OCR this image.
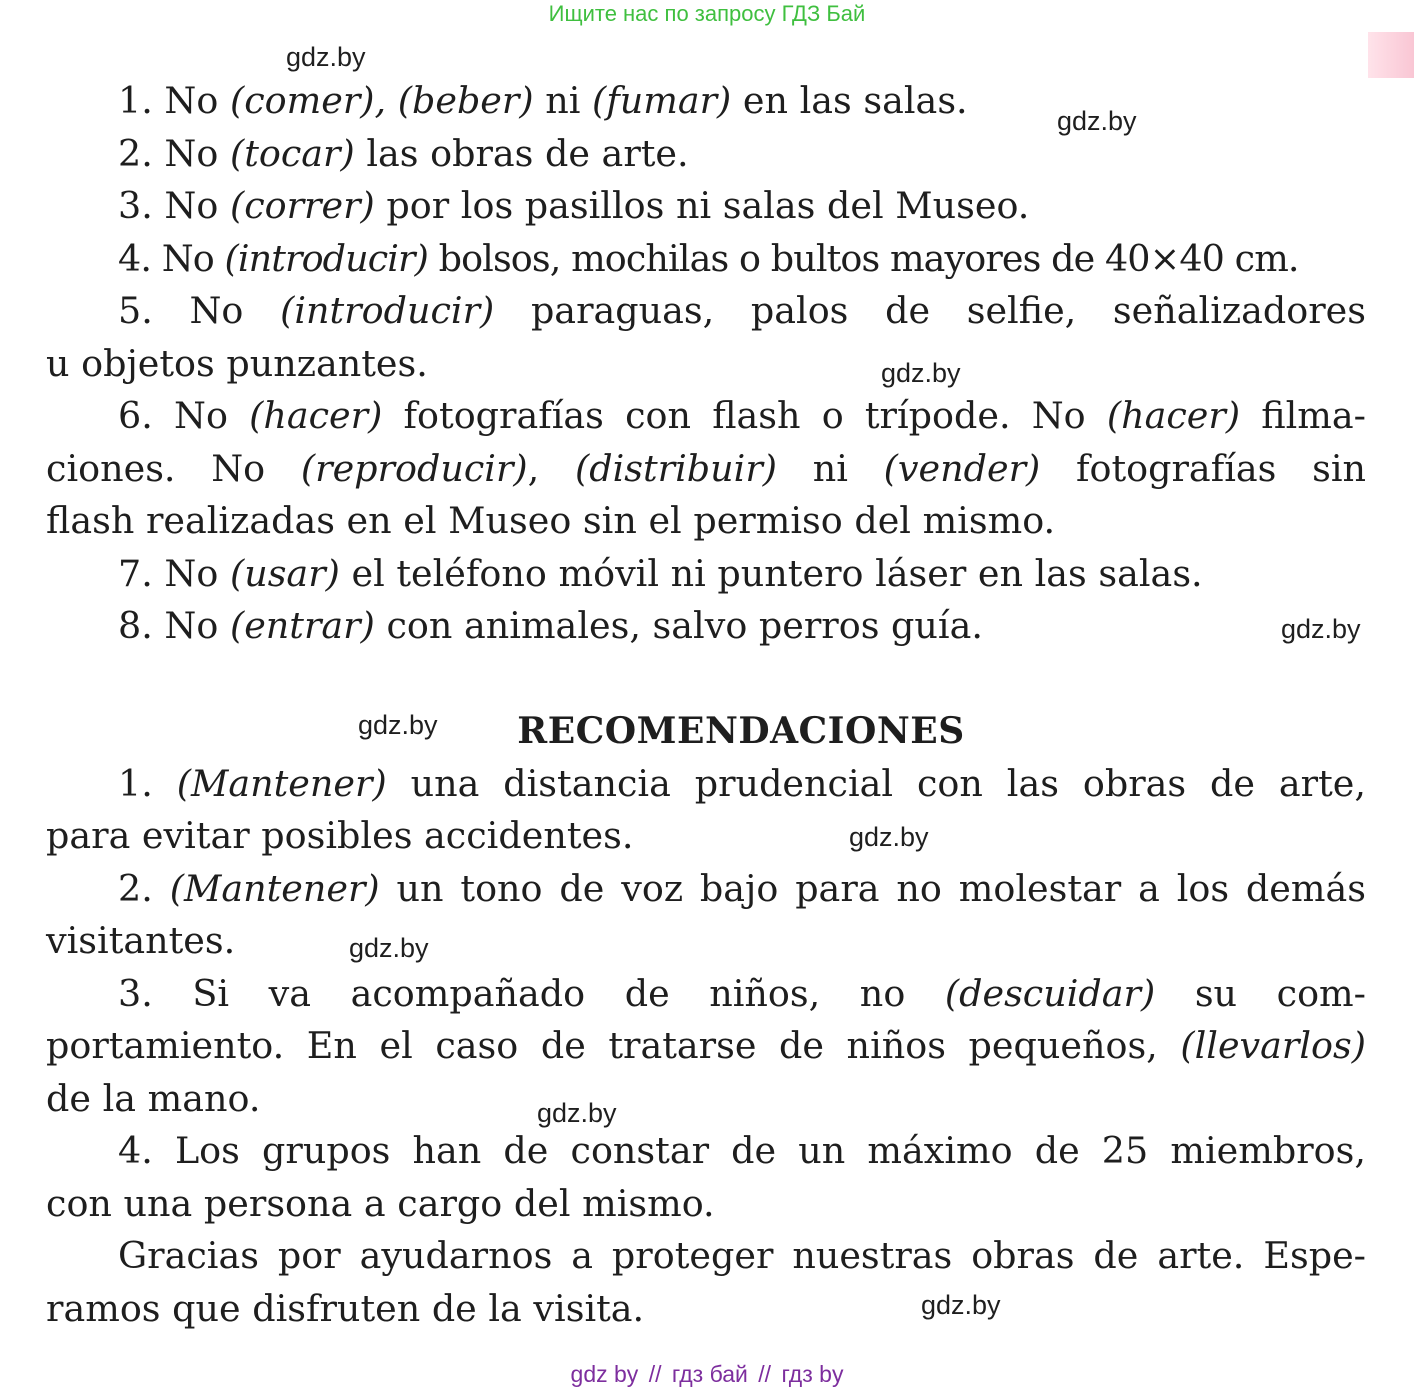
Ищите нас по запросу ГДЗ Бай
gdz.by
gdz.by
gdz.by
gdz.by
gdz.by
gdz.by
gdz.by
gdz.by
gdz.by
1. No (comer), (beber) ni (fumar) en las salas.
2. No (tocar) las obras de arte.
3. No (correr) por los pasillos ni salas del Museo.
4. No (introducir) bolsos, mochilas o bultos mayores de 40×40 cm.
5. No (introducir) paraguas, palos de selfie, señalizadores
u objetos punzantes.
6. No (hacer) fotografías con flash o trípode. No (hacer) filma-
ciones. No (reproducir), (distribuir) ni (vender) fotografías sin
flash realizadas en el Museo sin el permiso del mismo.
7. No (usar) el teléfono móvil ni puntero láser en las salas.
8. No (entrar) con animales, salvo perros guía.
RECOMENDACIONES
1. (Mantener) una distancia prudencial con las obras de arte,
para evitar posibles accidentes.
2. (Mantener) un tono de voz bajo para no molestar a los demás
visitantes.
3. Si va acompañado de niños, no (descuidar) su com-
portamiento. En el caso de tratarse de niños pequeños, (llevarlos)
de la mano.
4. Los grupos han de constar de un máximo de 25 miembros,
con una persona a cargo del mismo.
Gracias por ayudarnos a proteger nuestras obras de arte. Espe-
ramos que disfruten de la visita.
gdz by // гдз бай // гдз by
